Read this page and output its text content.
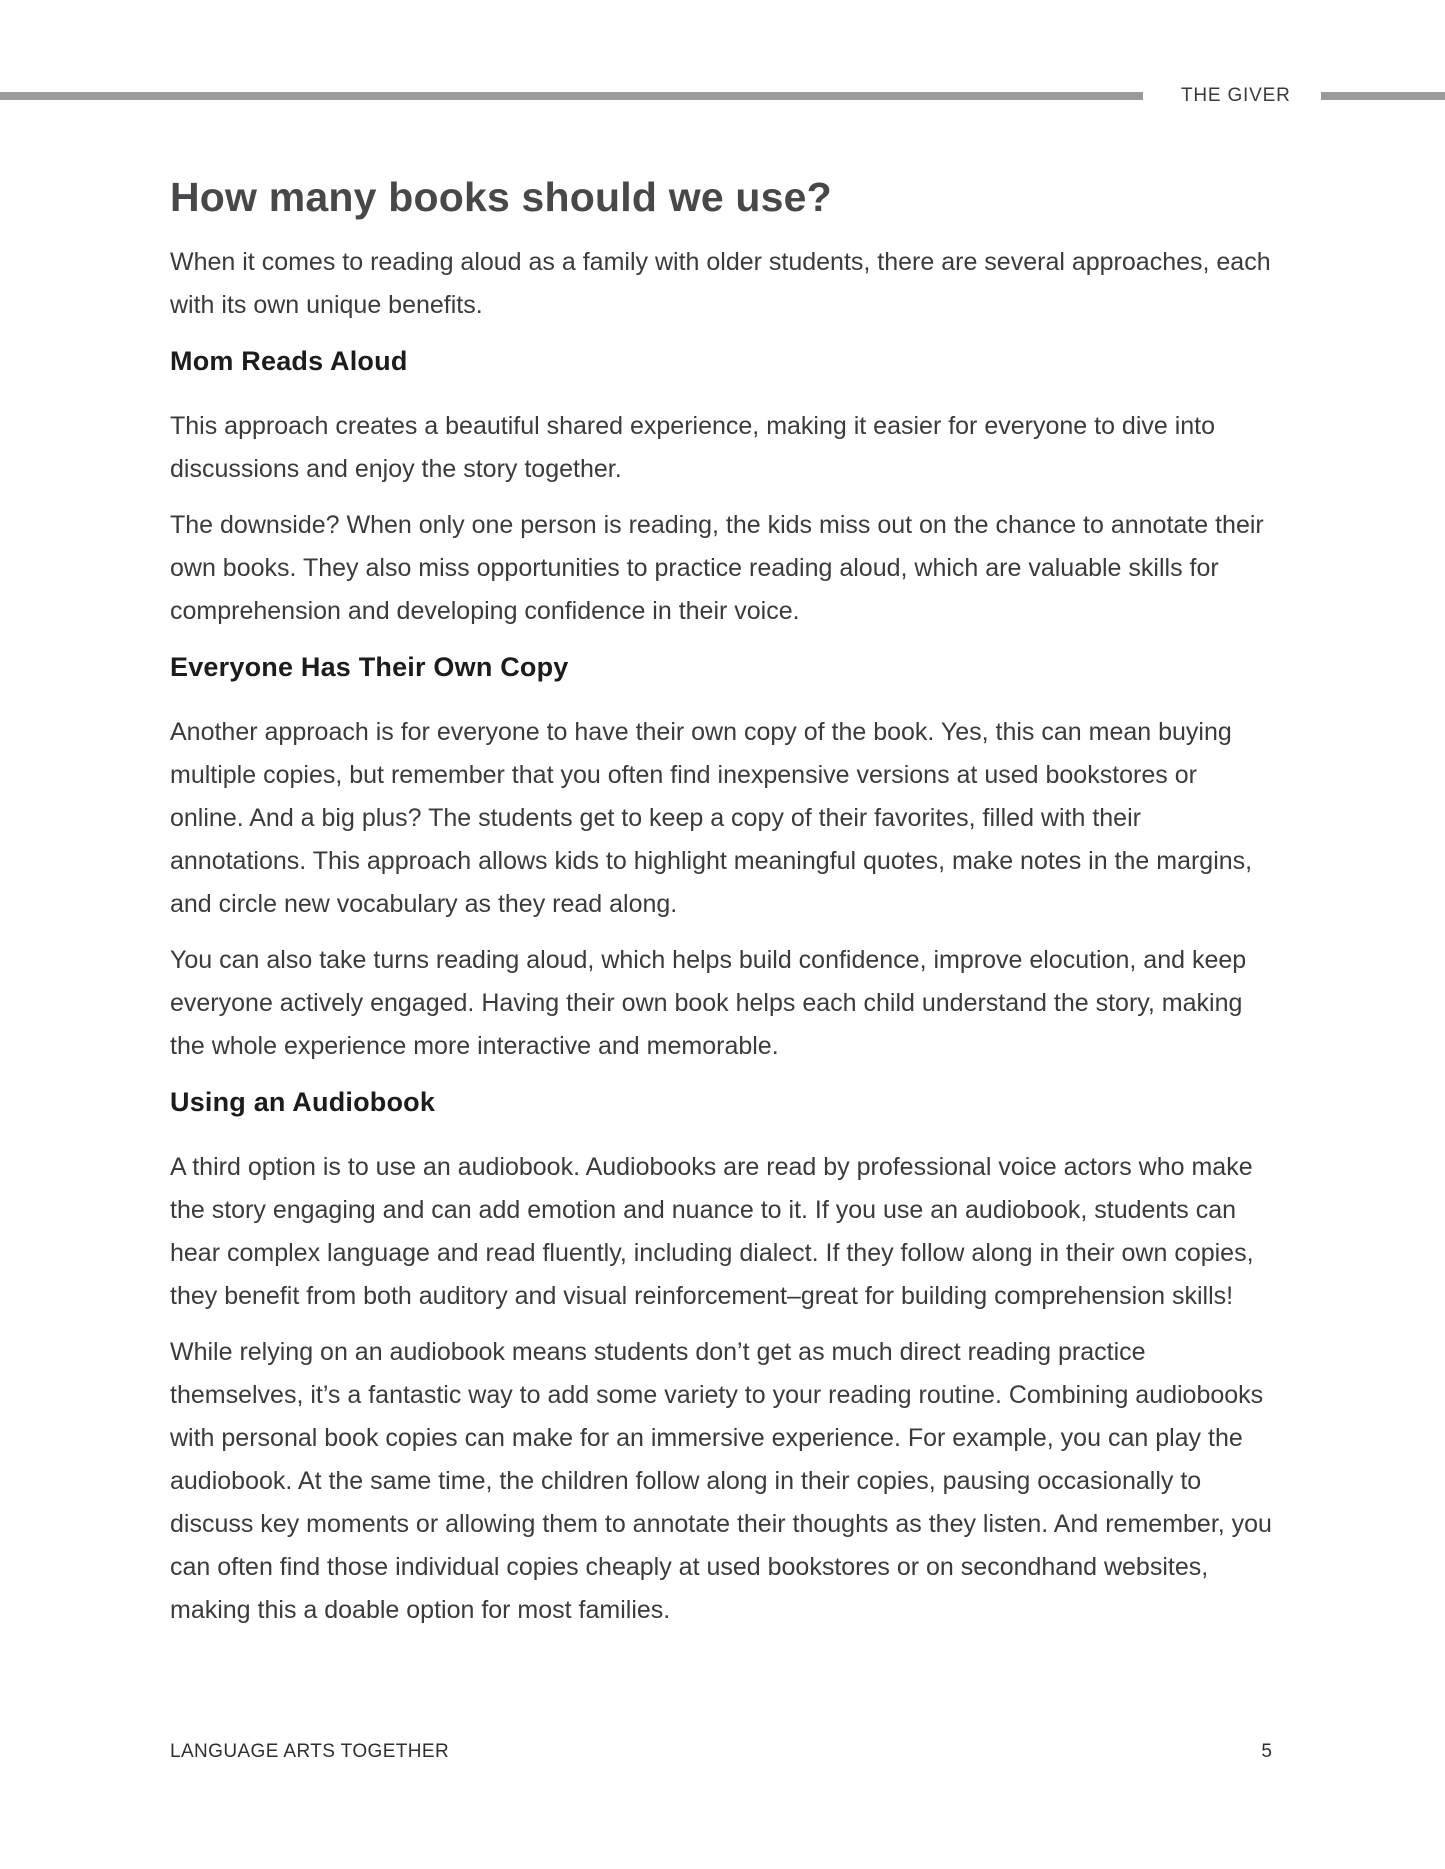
THE GIVER
How many books should we use?

When it comes to reading aloud as a family with older students, there are several approaches, each with its own unique benefits.

Mom Reads Aloud

This approach creates a beautiful shared experience, making it easier for everyone to dive into discussions and enjoy the story together.

The downside? When only one person is reading, the kids miss out on the chance to annotate their own books. They also miss opportunities to practice reading aloud, which are valuable skills for comprehension and developing confidence in their voice.

Everyone Has Their Own Copy

Another approach is for everyone to have their own copy of the book. Yes, this can mean buying multiple copies, but remember that you often find inexpensive versions at used bookstores or online. And a big plus? The students get to keep a copy of their favorites, filled with their annotations. This approach allows kids to highlight meaningful quotes, make notes in the margins, and circle new vocabulary as they read along.

You can also take turns reading aloud, which helps build confidence, improve elocution, and keep everyone actively engaged. Having their own book helps each child understand the story, making the whole experience more interactive and memorable.

Using an Audiobook

A third option is to use an audiobook. Audiobooks are read by professional voice actors who make the story engaging and can add emotion and nuance to it. If you use an audiobook, students can hear complex language and read fluently, including dialect. If they follow along in their own copies, they benefit from both auditory and visual reinforcement–great for building comprehension skills!

While relying on an audiobook means students don’t get as much direct reading practice themselves, it’s a fantastic way to add some variety to your reading routine. Combining audiobooks with personal book copies can make for an immersive experience. For example, you can play the audiobook. At the same time, the children follow along in their copies, pausing occasionally to discuss key moments or allowing them to annotate their thoughts as they listen. And remember, you can often find those individual copies cheaply at used bookstores or on secondhand websites, making this a doable option for most families.

LANGUAGE ARTS TOGETHER	5
